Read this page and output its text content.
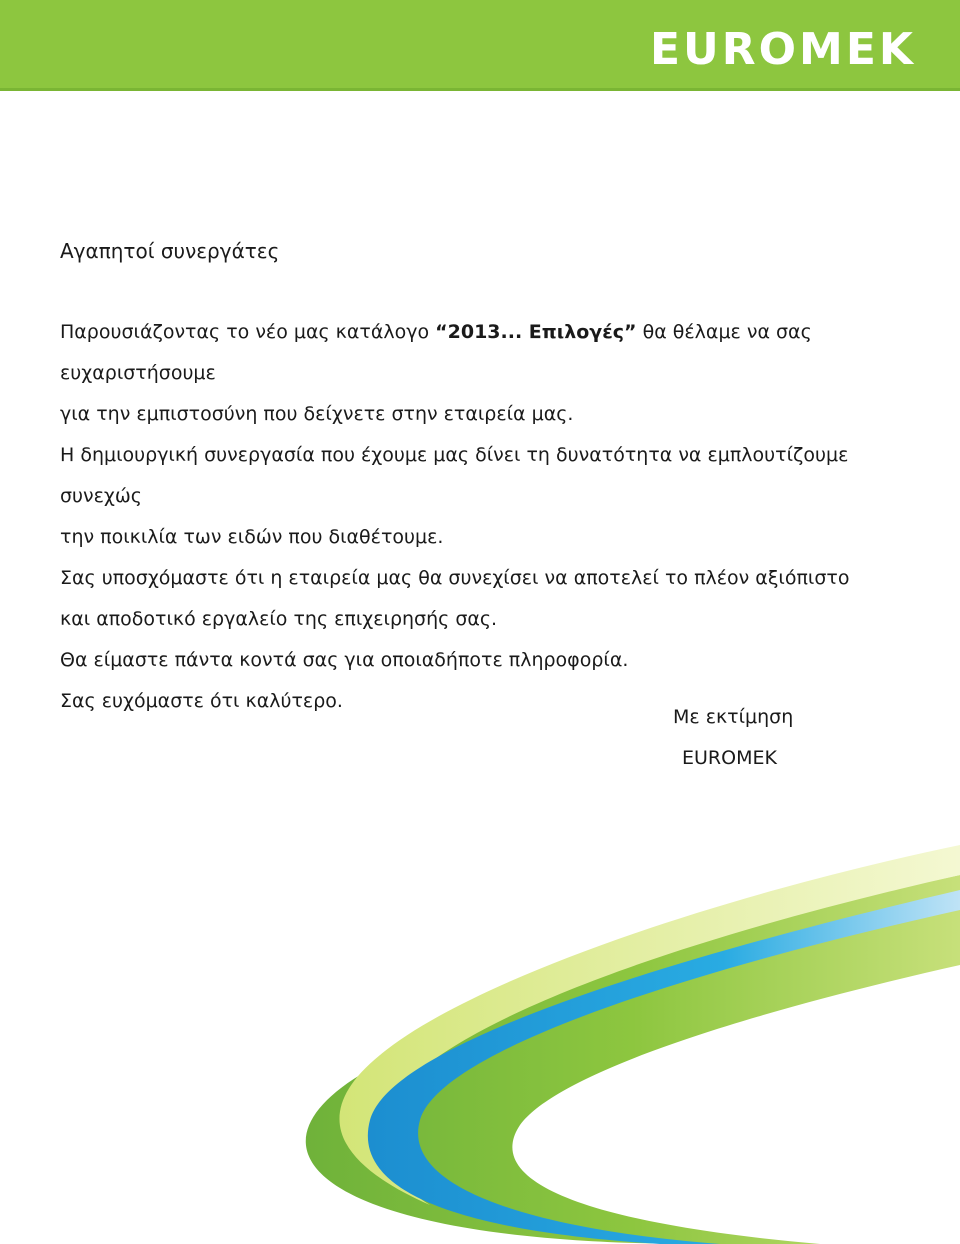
EUROMEK

Αγαπητοί συνεργάτες

Παρουσιάζοντας το νέο μας κατάλογο “2013... Επιλογές” θα θέλαμε να σας ευχαριστήσουμε

για την εμπιστοσύνη που δείχνετε στην εταιρεία μας.

Η δημιουργική συνεργασία που έχουμε μας δίνει τη δυνατότητα να εμπλουτίζουμε συνεχώς

την ποικιλία των ειδών που διαθέτουμε.

Σας υποσχόμαστε ότι η εταιρεία μας θα συνεχίσει να αποτελεί το πλέον αξιόπιστο

και αποδοτικό εργαλείο της επιχειρησής σας.

Θα είμαστε πάντα κοντά σας για οποιαδήποτε πληροφορία.

Σας ευχόμαστε ότι καλύτερο.

Με εκτίμηση
EUROMEK
